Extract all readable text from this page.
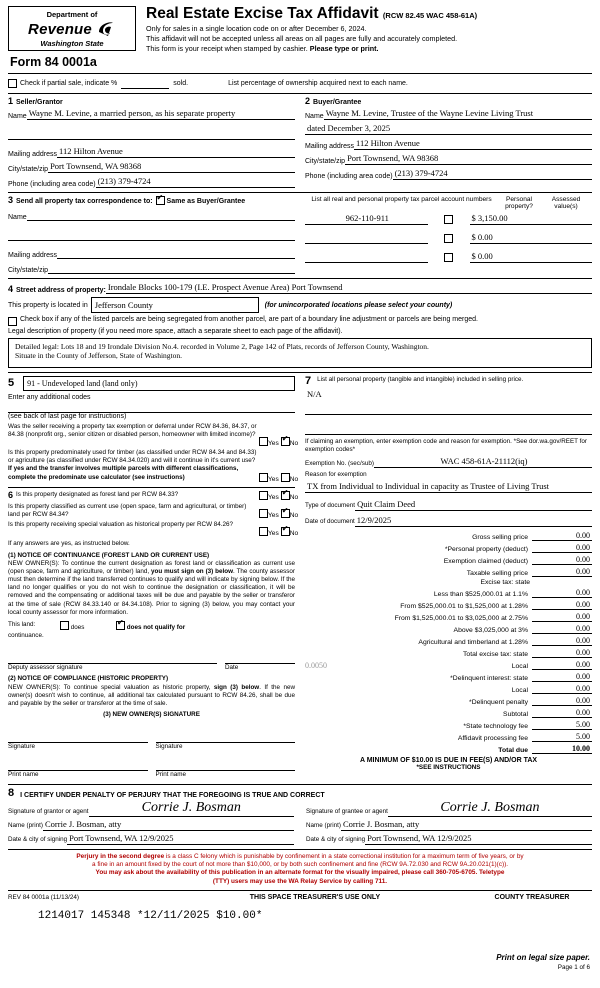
Department of
Revenue
Washington State
Form 84 0001a
Real Estate Excise Tax Affidavit (RCW 82.45 WAC 458-61A)
Only for sales in a single location code on or after December 6, 2024.
This affidavit will not be accepted unless all areas on all pages are fully and accurately completed.
This form is your receipt when stamped by cashier. Please type or print.
Check if partial sale, indicate %	sold.	List percentage of ownership acquired next to each name.
1 Seller/Grantor
Name Wayne M. Levine, a married person, as his separate property
Mailing address 112 Hilton Avenue
City/state/zip Port Townsend, WA 98368
Phone (including area code) (213) 379-4724
2 Buyer/Grantee
Name Wayne M. Levine, Trustee of the Wayne Levine Living Trust
dated December 3, 2025
Mailing address 112 Hilton Avenue
City/state/zip Port Townsend, WA 98368
Phone (including area code) (213) 379-4724
3 Send all property tax correspondence to: ✔ Same as Buyer/Grantee
Name
Mailing address
City/state/zip
List all real and personal property tax parcel account numbers	Personal property?
Assessed value(s)
962-110-911	$ 3,150.00
$ 0.00
$ 0.00
4 Street address of property: Irondale Blocks 100-179 (I.E. Prospect Avenue Area) Port Townsend
This property is located in Jefferson County	(for unincorporated locations please select your county)
Check box if any of the listed parcels are being segregated from another parcel, are part of a boundary line adjustment or parcels are being merged.
Legal description of property (if you need more space, attach a separate sheet to each page of the affidavit).
Detailed legal: Lots 18 and 19 Irondale Division No.4. recorded in Volume 2, Page 142 of Plats, records of Jefferson County, Washington.
Situate in the County of Jefferson, State of Washington.
5	91 - Undeveloped land (land only)
Enter any additional codes
(see back of last page for instructions)
Was the seller receiving a property tax exemption or deferral under RCW 84.36, 84.37, or 84.38 (nonprofit org., senior citizen or disabled person, homeowner with limited income)?
Yes ✔ No
Is this property predominately used for timber (as classified under RCW 84.34 and 84.33) or agriculture (as classified under RCW 84.34.020) and will it continue in it's current use? If yes and the transfer involves multiple parcels with different classifications, complete the predominate use calculator (see instructions)	Yes No
6 Is this property designated as forest land per RCW 84.33?	Yes ✔ No
Is this property classified as current use (open space, farm and agricultural, or timber) land per RCW 84.34?	Yes ✔ No
Is this property receiving special valuation as historical property per RCW 84.26?
Yes ✔ No
If any answers are yes, as instructed below.
(1) NOTICE OF CONTINUANCE (FOREST LAND OR CURRENT USE)
NEW OWNER(S): To continue the current designation as forest land or classification as current use (open space, farm and agriculture, or timber) land, you must sign on (3) below. The county assessor must then determine if the land transferred continues to qualify and will indicate by signing below. If the land no longer qualifies or you do not wish to continue the designation or classification, it will be removed and the compensating or additional taxes will be due and payable by the seller or transferor at the time of sale (RCW 84.33.140 or 84.34.108). Prior to signing (3) below, you may contact your local county assessor for more information.
This land:	does ✔	does not qualify for
continuance.
Deputy assessor signature	Date
(2) NOTICE OF COMPLIANCE (HISTORIC PROPERTY)
NEW OWNER(S): To continue special valuation as historic property, sign (3) below. If the new owner(s) doesn't wish to continue, all additional tax calculated pursuant to RCW 84.26, shall be due and payable by the seller or transferor at the time of sale.
(3) NEW OWNER(S) SIGNATURE
Signature	Signature
Print name	Print name
7 List all personal property (tangible and intangible) included in selling price.
N/A
If claiming an exemption, enter exemption code and reason for exemption. *See dor.wa.gov/REET for exemption codes*
Exemption No. (sec/sub)	WAC 458-61A-21112(iq)
Reason for exemption
TX from Individual to Individual in capacity as Trustee of Living Trust
Type of document Quit Claim Deed
Date of document 12/9/2025
Gross selling price	0.00
*Personal property (deduct)	0.00
Exemption claimed (deduct)	0.00
Taxable selling price	0.00
Excise tax: state
Less than $525,000.01 at 1.1%	0.00
From $525,000.01 to $1,525,000 at 1.28%	0.00
From $1,525,000.01 to $3,025,000 at 2.75%	0.00
Above $3,025,000 at 3%	0.00
Agricultural and timberland at 1.28%	0.00
Total excise tax: state	0.00
0.0050	Local	0.00
*Delinquent interest: state	0.00
Local	0.00
*Delinquent penalty	0.00
Subtotal	0.00
*State technology fee	5.00
Affidavit processing fee	5.00
Total due	10.00
A MINIMUM OF $10.00 IS DUE IN FEE(S) AND/OR TAX
*SEE INSTRUCTIONS
8 I CERTIFY UNDER PENALTY OF PERJURY THAT THE FOREGOING IS TRUE AND CORRECT
Signature of grantor or agent	Corrie J. Bosman
Name (print) Corrie J. Bosman, atty
Date & city of signing Port Townsend, WA 12/9/2025
Signature of grantee or agent	Corrie J. Bosman
Name (print) Corrie J. Bosman, atty
Date & city of signing Port Townsend, WA 12/9/2025
Perjury in the second degree is a class C felony which is punishable by confinement in a state correctional institution for a maximum term of five years, or by
a fine in an amount fixed by the court of not more than $10,000, or by both such confinement and fine (RCW 9A.72.030 and RCW 9A.20.021(1)(c)).
You may ask about the availability of this publication in an alternate format for the visually impaired, please call 360-705-6705. Teletype
(TTY) users may use the WA Relay Service by calling 711.
REV 84 0001a (11/13/24)	THIS SPACE TREASURER'S USE ONLY	COUNTY TREASURER
1214017 145348 *12/11/2025 $10.00*
Print on legal size paper.
Page 1 of 6
